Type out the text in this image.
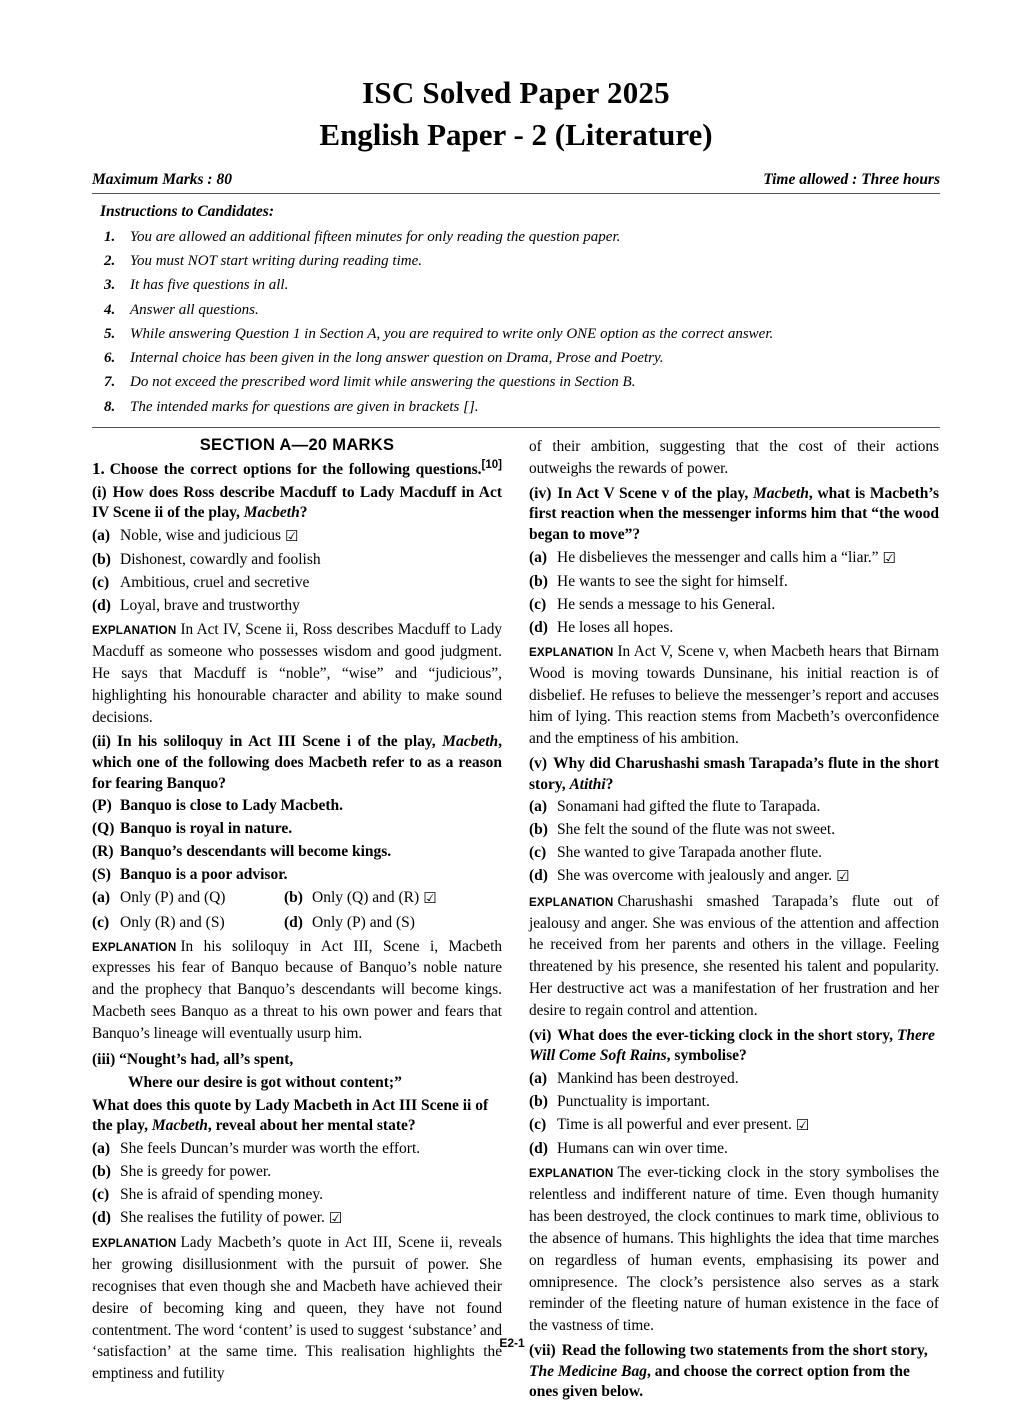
ISC Solved Paper 2025
English Paper - 2 (Literature)
Maximum Marks : 80	Time allowed : Three hours
Instructions to Candidates:
1. You are allowed an additional fifteen minutes for only reading the question paper.
2. You must NOT start writing during reading time.
3. It has five questions in all.
4. Answer all questions.
5. While answering Question 1 in Section A, you are required to write only ONE option as the correct answer.
6. Internal choice has been given in the long answer question on Drama, Prose and Poetry.
7. Do not exceed the prescribed word limit while answering the questions in Section B.
8. The intended marks for questions are given in brackets [].
SECTION A—20 MARKS
[10]
1. Choose the correct options for the following questions.
(i) How does Ross describe Macduff to Lady Macduff in Act IV Scene ii of the play, Macbeth?
(a) Noble, wise and judicious ☑
(b) Dishonest, cowardly and foolish
(c) Ambitious, cruel and secretive
(d) Loyal, brave and trustworthy
EXPLANATION In Act IV, Scene ii, Ross describes Macduff to Lady Macduff as someone who possesses wisdom and good judgment. He says that Macduff is “noble”, “wise” and “judicious”, highlighting his honourable character and ability to make sound decisions.
(ii) In his soliloquy in Act III Scene i of the play, Macbeth, which one of the following does Macbeth refer to as a reason for fearing Banquo?
(P) Banquo is close to Lady Macbeth.
(Q) Banquo is royal in nature.
(R) Banquo’s descendants will become kings.
(S) Banquo is a poor advisor.
(a) Only (P) and (Q)	(b) Only (Q) and (R) ☑
(c) Only (R) and (S)	(d) Only (P) and (S)
EXPLANATION In his soliloquy in Act III, Scene i, Macbeth expresses his fear of Banquo because of Banquo’s noble nature and the prophecy that Banquo’s descendants will become kings. Macbeth sees Banquo as a threat to his own power and fears that Banquo’s lineage will eventually usurp him.
(iii) “Nought’s had, all’s spent,
Where our desire is got without content;”
What does this quote by Lady Macbeth in Act III Scene ii of the play, Macbeth, reveal about her mental state?
(a) She feels Duncan’s murder was worth the effort.
(b) She is greedy for power.
(c) She is afraid of spending money.
(d) She realises the futility of power. ☑
EXPLANATION Lady Macbeth’s quote in Act III, Scene ii, reveals her growing disillusionment with the pursuit of power. She recognises that even though she and Macbeth have achieved their desire of becoming king and queen, they have not found contentment. The word ‘content’ is used to suggest ‘substance’ and ‘satisfaction’ at the same time. This realisation highlights the emptiness and futility
of their ambition, suggesting that the cost of their actions outweighs the rewards of power.
(iv) In Act V Scene v of the play, Macbeth, what is Macbeth’s first reaction when the messenger informs him that “the wood began to move”?
(a) He disbelieves the messenger and calls him a “liar.” ☑
(b) He wants to see the sight for himself.
(c) He sends a message to his General.
(d) He loses all hopes.
EXPLANATION In Act V, Scene v, when Macbeth hears that Birnam Wood is moving towards Dunsinane, his initial reaction is of disbelief. He refuses to believe the messenger’s report and accuses him of lying. This reaction stems from Macbeth’s overconfidence and the emptiness of his ambition.
(v) Why did Charushashi smash Tarapada’s flute in the short story, Atithi?
(a) Sonamani had gifted the flute to Tarapada.
(b) She felt the sound of the flute was not sweet.
(c) She wanted to give Tarapada another flute.
(d) She was overcome with jealously and anger. ☑
EXPLANATION Charushashi smashed Tarapada’s flute out of jealousy and anger. She was envious of the attention and affection he received from her parents and others in the village. Feeling threatened by his presence, she resented his talent and popularity. Her destructive act was a manifestation of her frustration and her desire to regain control and attention.
(vi) What does the ever-ticking clock in the short story, There Will Come Soft Rains, symbolise?
(a) Mankind has been destroyed.
(b) Punctuality is important.
(c) Time is all powerful and ever present. ☑
(d) Humans can win over time.
EXPLANATION The ever-ticking clock in the story symbolises the relentless and indifferent nature of time. Even though humanity has been destroyed, the clock continues to mark time, oblivious to the absence of humans. This highlights the idea that time marches on regardless of human events, emphasising its power and omnipresence. The clock’s persistence also serves as a stark reminder of the fleeting nature of human existence in the face of the vastness of time.
(vii) Read the following two statements from the short story, The Medicine Bag, and choose the correct option from the ones given below.
E2-1
